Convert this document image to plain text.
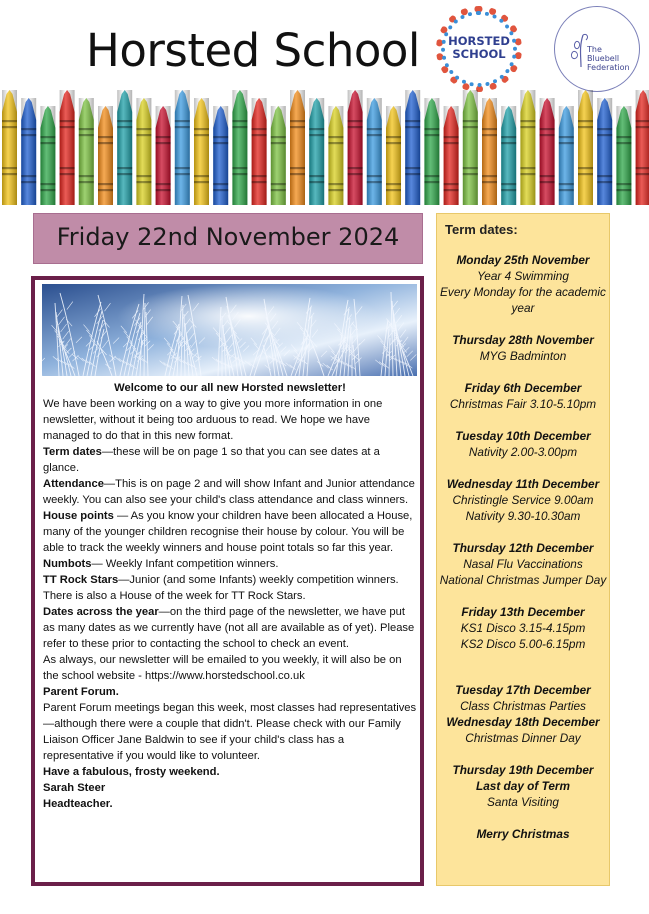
Horsted School	HORSTED
SCHOOL	The
Bluebell
Federation
Friday 22nd November 2024

Welcome to our all new Horsted newsletter!

We have been working on a way to give you more information in one newsletter, without it being too arduous to read. We hope we have managed to do that in this new format.

Term dates—these will be on page 1 so that you can see dates at a glance.

Attendance—This is on page 2 and will show Infant and Junior attendance weekly. You can also see your child's class attendance and class winners.

House points — As you know your children have been allocated a House, many of the younger children recognise their house by colour. You will be able to track the weekly winners and house point totals so far this year.

Numbots— Weekly Infant competition winners.

TT Rock Stars—Junior (and some Infants) weekly competition winners. There is also a House of the week for TT Rock Stars.

Dates across the year—on the third page of the newsletter, we have put as many dates as we currently have (not all are available as of yet). Please refer to these prior to contacting the school to check an event.

As always, our newsletter will be emailed to you weekly, it will also be on the school website - https://www.horstedschool.co.uk

Parent Forum.

Parent Forum meetings began this week, most classes had representatives—although there were a couple that didn't. Please check with our Family Liaison Officer Jane Baldwin to see if your child's class has a representative if you would like to volunteer.

Have a fabulous, frosty weekend.

Sarah Steer

Headteacher.

Term dates:
Monday 25th November
Year 4 Swimming
Every Monday for the academic year
Thursday 28th November
MYG Badminton
Friday 6th December
Christmas Fair 3.10-5.10pm
Tuesday 10th December
Nativity 2.00-3.00pm
Wednesday 11th December
Christingle Service 9.00am
Nativity 9.30-10.30am
Thursday 12th December
Nasal Flu Vaccinations
National Christmas Jumper Day
Friday 13th December
KS1 Disco 3.15-4.15pm
KS2 Disco 5.00-6.15pm
Tuesday 17th December
Class Christmas Parties
Wednesday 18th December
Christmas Dinner Day
Thursday 19th December
Last day of Term
Santa Visiting
Merry Christmas
